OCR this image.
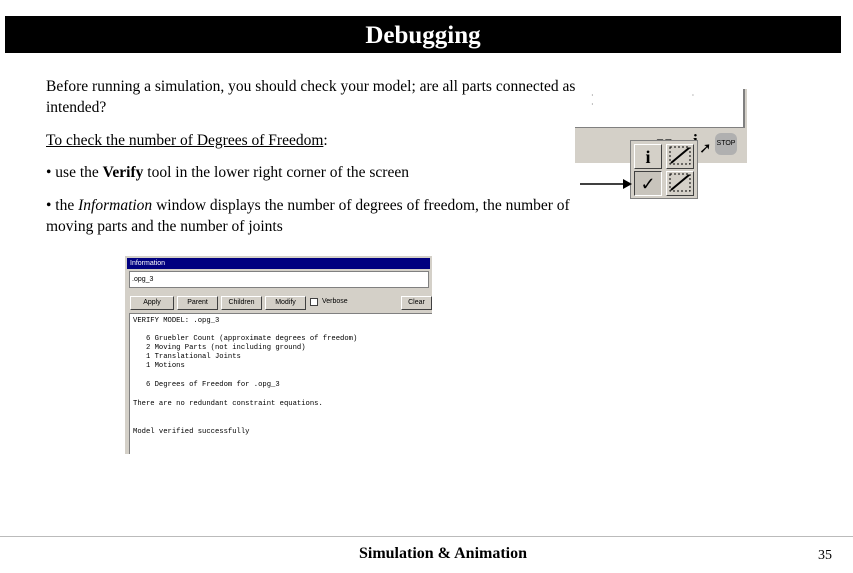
Debugging
Before running a simulation, you should check your model; are all parts connected as intended?
To check the number of Degrees of Freedom:
• use the Verify tool in the lower right corner of the screen
• the Information window displays the number of degrees of freedom, the number of moving parts and the number of joints
· · ·
➚ STOP
i
✓
Information
.opg_3
Apply	Parent	Children	Modify	Verbose	Clear
VERIFY MODEL: .opg_3
6 Gruebler Count (approximate degrees of freedom)
2 Moving Parts (not including ground)
1 Translational Joints
1 Motions
6 Degrees of Freedom for .opg_3
There are no redundant constraint equations.
Model verified successfully
Simulation & Animation	35
